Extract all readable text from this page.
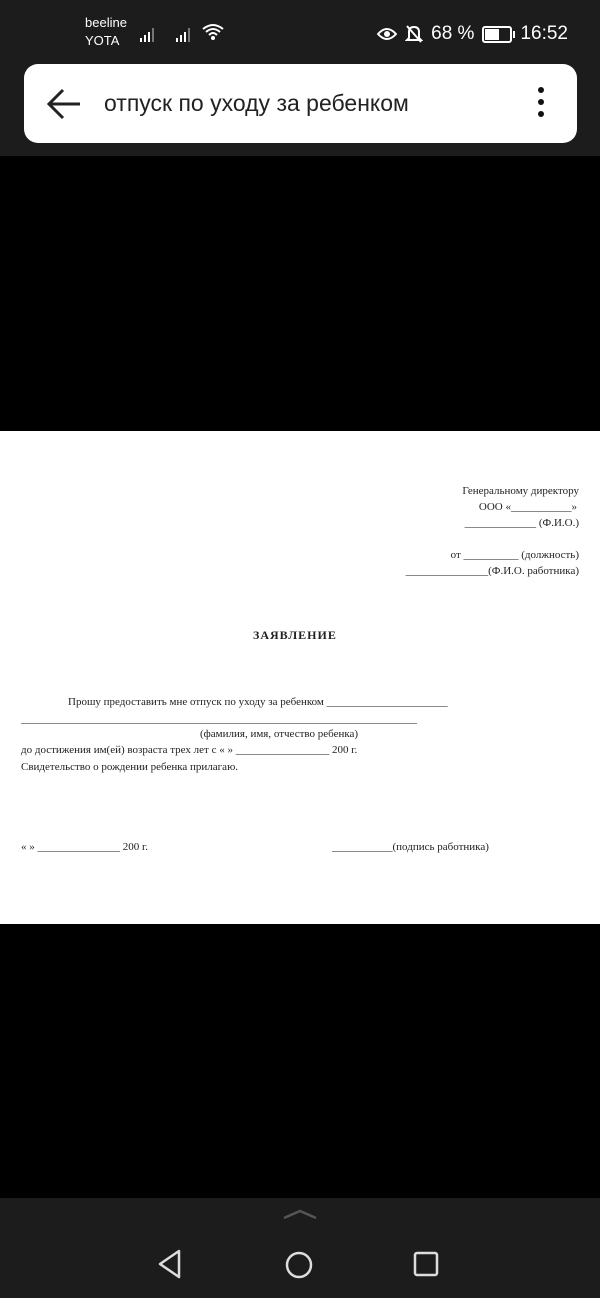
beeline
YOTA	68 % 16:52
отпуск по уходу за ребенком
Генеральному директору
ООО «___________»
_____________ (Ф.И.О.)
от __________ (должность)
_______________(Ф.И.О. работника)
ЗАЯВЛЕНИЕ
Прошу предоставить мне отпуск по уходу за ребенком ______________________
________________________________________________________________________
(фамилия, имя, отчество ребенка)
до достижения им(ей) возраста трех лет с « » _________________ 200 г.
Свидетельство о рождении ребенка прилагаю.
« » _______________ 200 г.	___________(подпись работника)
